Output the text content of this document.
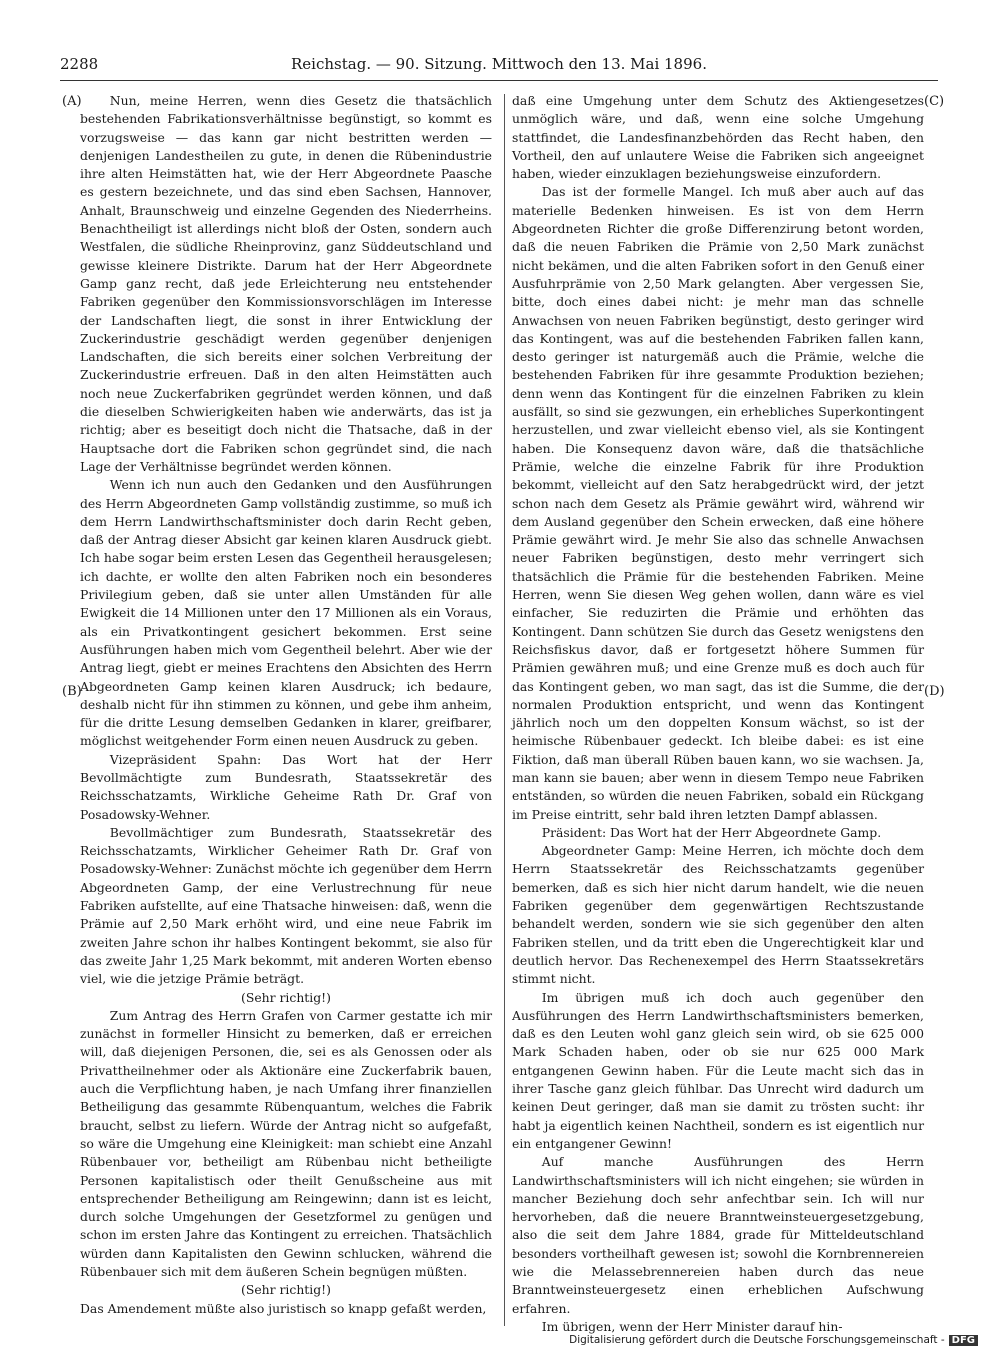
2288	Reichstag. — 90. Sitzung. Mittwoch den 13. Mai 1896.
(A)
(B)
(C)
(D)

Nun, meine Herren, wenn dies Gesetz die thatsächlich bestehenden Fabrikationsverhältnisse begünstigt, so kommt es vorzugsweise — das kann gar nicht bestritten werden — denjenigen Landestheilen zu gute, in denen die Rübenindustrie ihre alten Heimstätten hat, wie der Herr Abgeordnete Paasche es gestern bezeichnete, und das sind eben Sachsen, Hannover, Anhalt, Braunschweig und einzelne Gegenden des Niederrheins. Benachtheiligt ist allerdings nicht bloß der Osten, sondern auch Westfalen, die südliche Rheinprovinz, ganz Süddeutschland und gewisse kleinere Distrikte. Darum hat der Herr Abgeordnete Gamp ganz recht, daß jede Erleichterung neu entstehender Fabriken gegenüber den Kommissionsvorschlägen im Interesse der Landschaften liegt, die sonst in ihrer Entwicklung der Zuckerindustrie geschädigt werden gegenüber denjenigen Landschaften, die sich bereits einer solchen Verbreitung der Zuckerindustrie erfreuen. Daß in den alten Heimstätten auch noch neue Zuckerfabriken gegründet werden können, und daß die dieselben Schwierigkeiten haben wie anderwärts, das ist ja richtig; aber es beseitigt doch nicht die Thatsache, daß in der Hauptsache dort die Fabriken schon gegründet sind, die nach Lage der Verhältnisse begründet werden können.

Wenn ich nun auch den Gedanken und den Ausführungen des Herrn Abgeordneten Gamp vollständig zustimme, so muß ich dem Herrn Landwirthschaftsminister doch darin Recht geben, daß der Antrag dieser Absicht gar keinen klaren Ausdruck giebt. Ich habe sogar beim ersten Lesen das Gegentheil herausgelesen; ich dachte, er wollte den alten Fabriken noch ein besonderes Privilegium geben, daß sie unter allen Umständen für alle Ewigkeit die 14 Millionen unter den 17 Millionen als ein Voraus, als ein Privatkontingent gesichert bekommen. Erst seine Ausführungen haben mich vom Gegentheil belehrt. Aber wie der Antrag liegt, giebt er meines Erachtens den Absichten des Herrn Abgeordneten Gamp keinen klaren Ausdruck; ich bedaure, deshalb nicht für ihn stimmen zu können, und gebe ihm anheim, für die dritte Lesung demselben Gedanken in klarer, greifbarer, möglichst weitgehender Form einen neuen Ausdruck zu geben.

Vizepräsident Spahn: Das Wort hat der Herr Bevollmächtigte zum Bundesrath, Staatssekretär des Reichsschatzamts, Wirkliche Geheime Rath Dr. Graf von Posadowsky-Wehner.

Bevollmächtiger zum Bundesrath, Staatssekretär des Reichsschatzamts, Wirklicher Geheimer Rath Dr. Graf von Posadowsky-Wehner: Zunächst möchte ich gegenüber dem Herrn Abgeordneten Gamp, der eine Verlustrechnung für neue Fabriken aufstellte, auf eine Thatsache hinweisen: daß, wenn die Prämie auf 2,50 Mark erhöht wird, und eine neue Fabrik im zweiten Jahre schon ihr halbes Kontingent bekommt, sie also für das zweite Jahr 1,25 Mark bekommt, mit anderen Worten ebenso viel, wie die jetzige Prämie beträgt.

(Sehr richtig!)

Zum Antrag des Herrn Grafen von Carmer gestatte ich mir zunächst in formeller Hinsicht zu bemerken, daß er erreichen will, daß diejenigen Personen, die, sei es als Genossen oder als Privattheilnehmer oder als Aktionäre eine Zuckerfabrik bauen, auch die Verpflichtung haben, je nach Umfang ihrer finanziellen Betheiligung das gesammte Rübenquantum, welches die Fabrik braucht, selbst zu liefern. Würde der Antrag nicht so aufgefaßt, so wäre die Umgehung eine Kleinigkeit: man schiebt eine Anzahl Rübenbauer vor, betheiligt am Rübenbau nicht betheiligte Personen kapitalistisch oder theilt Genußscheine aus mit entsprechender Betheiligung am Reingewinn; dann ist es leicht, durch solche Umgehungen der Gesetzformel zu genügen und schon im ersten Jahre das Kontingent zu erreichen. Thatsächlich würden dann Kapitalisten den Gewinn schlucken, während die Rübenbauer sich mit dem äußeren Schein begnügen müßten.

(Sehr richtig!)

Das Amendement müßte also juristisch so knapp gefaßt werden,

daß eine Umgehung unter dem Schutz des Aktiengesetzes unmöglich wäre, und daß, wenn eine solche Umgehung stattfindet, die Landesfinanzbehörden das Recht haben, den Vortheil, den auf unlautere Weise die Fabriken sich angeeignet haben, wieder einzuklagen beziehungsweise einzufordern.

Das ist der formelle Mangel. Ich muß aber auch auf das materielle Bedenken hinweisen. Es ist von dem Herrn Abgeordneten Richter die große Differenzirung betont worden, daß die neuen Fabriken die Prämie von 2,50 Mark zunächst nicht bekämen, und die alten Fabriken sofort in den Genuß einer Ausfuhrprämie von 2,50 Mark gelangten. Aber vergessen Sie, bitte, doch eines dabei nicht: je mehr man das schnelle Anwachsen von neuen Fabriken begünstigt, desto geringer wird das Kontingent, was auf die bestehenden Fabriken fallen kann, desto geringer ist naturgemäß auch die Prämie, welche die bestehenden Fabriken für ihre gesammte Produktion beziehen; denn wenn das Kontingent für die einzelnen Fabriken zu klein ausfällt, so sind sie gezwungen, ein erhebliches Superkontingent herzustellen, und zwar vielleicht ebenso viel, als sie Kontingent haben. Die Konsequenz davon wäre, daß die thatsächliche Prämie, welche die einzelne Fabrik für ihre Produktion bekommt, vielleicht auf den Satz herabgedrückt wird, der jetzt schon nach dem Gesetz als Prämie gewährt wird, während wir dem Ausland gegenüber den Schein erwecken, daß eine höhere Prämie gewährt wird. Je mehr Sie also das schnelle Anwachsen neuer Fabriken begünstigen, desto mehr verringert sich thatsächlich die Prämie für die bestehenden Fabriken. Meine Herren, wenn Sie diesen Weg gehen wollen, dann wäre es viel einfacher, Sie reduzirten die Prämie und erhöhten das Kontingent. Dann schützen Sie durch das Gesetz wenigstens den Reichsfiskus davor, daß er fortgesetzt höhere Summen für Prämien gewähren muß; und eine Grenze muß es doch auch für das Kontingent geben, wo man sagt, das ist die Summe, die der normalen Produktion entspricht, und wenn das Kontingent jährlich noch um den doppelten Konsum wächst, so ist der heimische Rübenbauer gedeckt. Ich bleibe dabei: es ist eine Fiktion, daß man überall Rüben bauen kann, wo sie wachsen. Ja, man kann sie bauen; aber wenn in diesem Tempo neue Fabriken entständen, so würden die neuen Fabriken, sobald ein Rückgang im Preise eintritt, sehr bald ihren letzten Dampf ablassen.

Präsident: Das Wort hat der Herr Abgeordnete Gamp.

Abgeordneter Gamp: Meine Herren, ich möchte doch dem Herrn Staatssekretär des Reichsschatzamts gegenüber bemerken, daß es sich hier nicht darum handelt, wie die neuen Fabriken gegenüber dem gegenwärtigen Rechtszustande behandelt werden, sondern wie sie sich gegenüber den alten Fabriken stellen, und da tritt eben die Ungerechtigkeit klar und deutlich hervor. Das Rechenexempel des Herrn Staatssekretärs stimmt nicht.

Im übrigen muß ich doch auch gegenüber den Ausführungen des Herrn Landwirthschaftsministers bemerken, daß es den Leuten wohl ganz gleich sein wird, ob sie 625 000 Mark Schaden haben, oder ob sie nur 625 000 Mark entgangenen Gewinn haben. Für die Leute macht sich das in ihrer Tasche ganz gleich fühlbar. Das Unrecht wird dadurch um keinen Deut geringer, daß man sie damit zu trösten sucht: ihr habt ja eigentlich keinen Nachtheil, sondern es ist eigentlich nur ein entgangener Gewinn!

Auf manche Ausführungen des Herrn Landwirthschaftsministers will ich nicht eingehen; sie würden in mancher Beziehung doch sehr anfechtbar sein. Ich will nur hervorheben, daß die neuere Branntweinsteuergesetzgebung, also die seit dem Jahre 1884, grade für Mitteldeutschland besonders vortheilhaft gewesen ist; sowohl die Kornbrennereien wie die Melassebrennereien haben durch das neue Branntweinsteuergesetz einen erheblichen Aufschwung erfahren.

Im übrigen, wenn der Herr Minister darauf hin-

Digitalisierung gefördert durch die Deutsche Forschungsgemeinschaft - DFG
